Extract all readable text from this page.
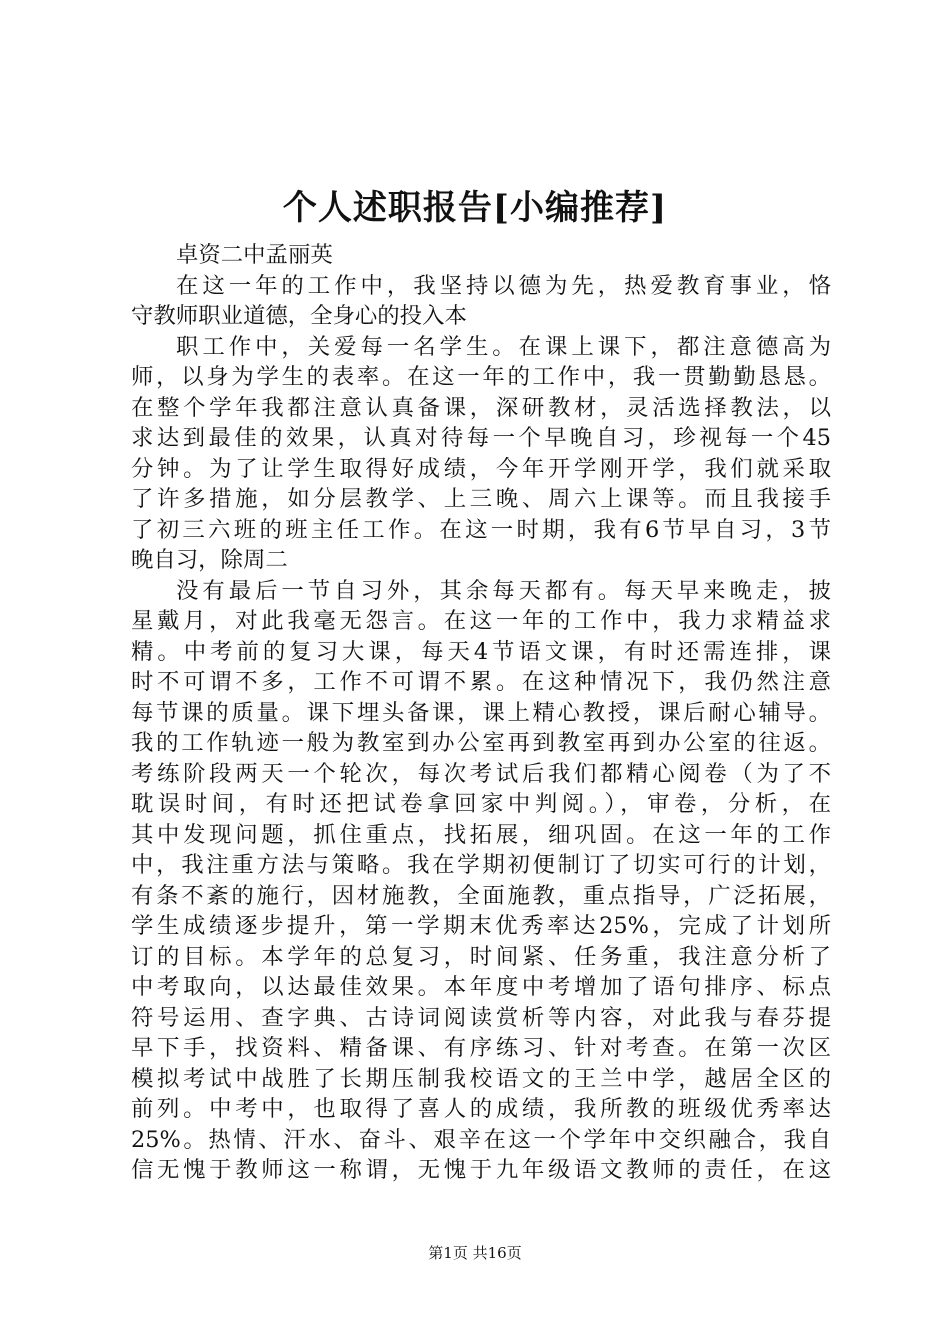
个人述职报告[小编推荐]
卓资二中孟丽英
在这一年的工作中，我坚持以德为先，热爱教育事业，恪
守教师职业道德，全身心的投入本
职工作中，关爱每一名学生。在课上课下，都注意德高为
师，以身为学生的表率。在这一年的工作中，我一贯勤勤恳恳。
在整个学年我都注意认真备课，深研教材，灵活选择教法，以
求达到最佳的效果，认真对待每一个早晚自习，珍视每一个45
分钟。为了让学生取得好成绩，今年开学刚开学，我们就采取
了许多措施，如分层教学、上三晚、周六上课等。而且我接手
了初三六班的班主任工作。在这一时期，我有6节早自习，3节
晚自习，除周二
没有最后一节自习外，其余每天都有。每天早来晚走，披
星戴月，对此我毫无怨言。在这一年的工作中，我力求精益求
精。中考前的复习大课，每天4节语文课，有时还需连排，课
时不可谓不多，工作不可谓不累。在这种情况下，我仍然注意
每节课的质量。课下埋头备课，课上精心教授，课后耐心辅导。
我的工作轨迹一般为教室到办公室再到教室再到办公室的往返。
考练阶段两天一个轮次，每次考试后我们都精心阅卷（为了不
耽误时间，有时还把试卷拿回家中判阅。），审卷，分析，在
其中发现问题，抓住重点，找拓展，细巩固。在这一年的工作
中，我注重方法与策略。我在学期初便制订了切实可行的计划，
有条不紊的施行，因材施教，全面施教，重点指导，广泛拓展，
学生成绩逐步提升，第一学期末优秀率达25%，完成了计划所
订的目标。本学年的总复习，时间紧、任务重，我注意分析了
中考取向，以达最佳效果。本年度中考增加了语句排序、标点
符号运用、查字典、古诗词阅读赏析等内容，对此我与春芬提
早下手，找资料、精备课、有序练习、针对考查。在第一次区
模拟考试中战胜了长期压制我校语文的王兰中学，越居全区的
前列。中考中，也取得了喜人的成绩，我所教的班级优秀率达
25%。热情、汗水、奋斗、艰辛在这一个学年中交织融合，我自
信无愧于教师这一称谓，无愧于九年级语文教师的责任，在这
第1页 共16页
